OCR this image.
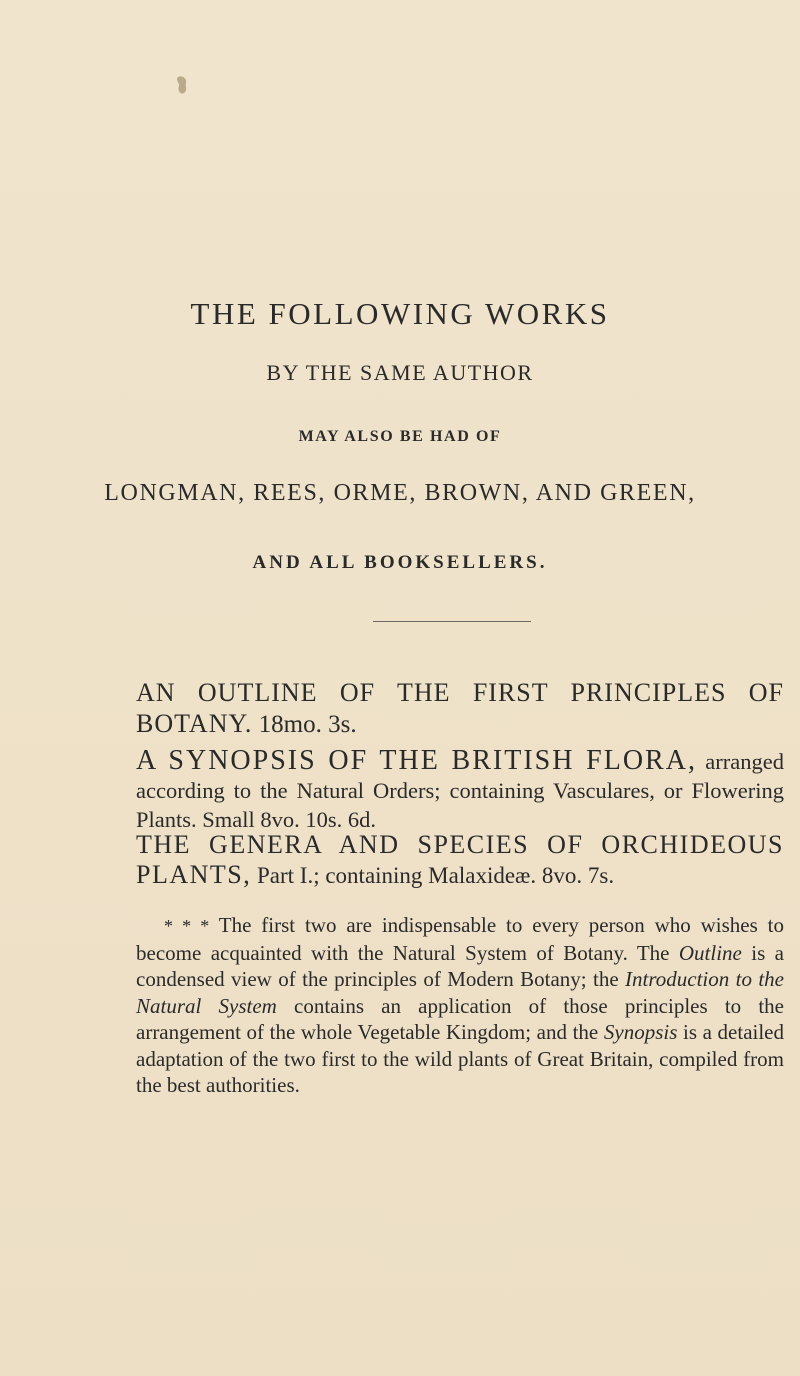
THE FOLLOWING WORKS
BY THE SAME AUTHOR
MAY ALSO BE HAD OF
LONGMAN, REES, ORME, BROWN, AND GREEN,
AND ALL BOOKSELLERS.
AN OUTLINE OF THE FIRST PRINCIPLES OF BOTANY. 18mo. 3s.
A SYNOPSIS OF THE BRITISH FLORA, arranged according to the Natural Orders; containing Vasculares, or Flowering Plants. Small 8vo. 10s. 6d.
THE GENERA AND SPECIES OF ORCHIDEOUS PLANTS, Part I.; containing Malaxideæ. 8vo. 7s.
* * * The first two are indispensable to every person who wishes to become acquainted with the Natural System of Botany. The Outline is a condensed view of the principles of Modern Botany; the Introduction to the Natural System contains an application of those principles to the arrangement of the whole Vegetable Kingdom; and the Synopsis is a detailed adaptation of the two first to the wild plants of Great Britain, compiled from the best authorities.
